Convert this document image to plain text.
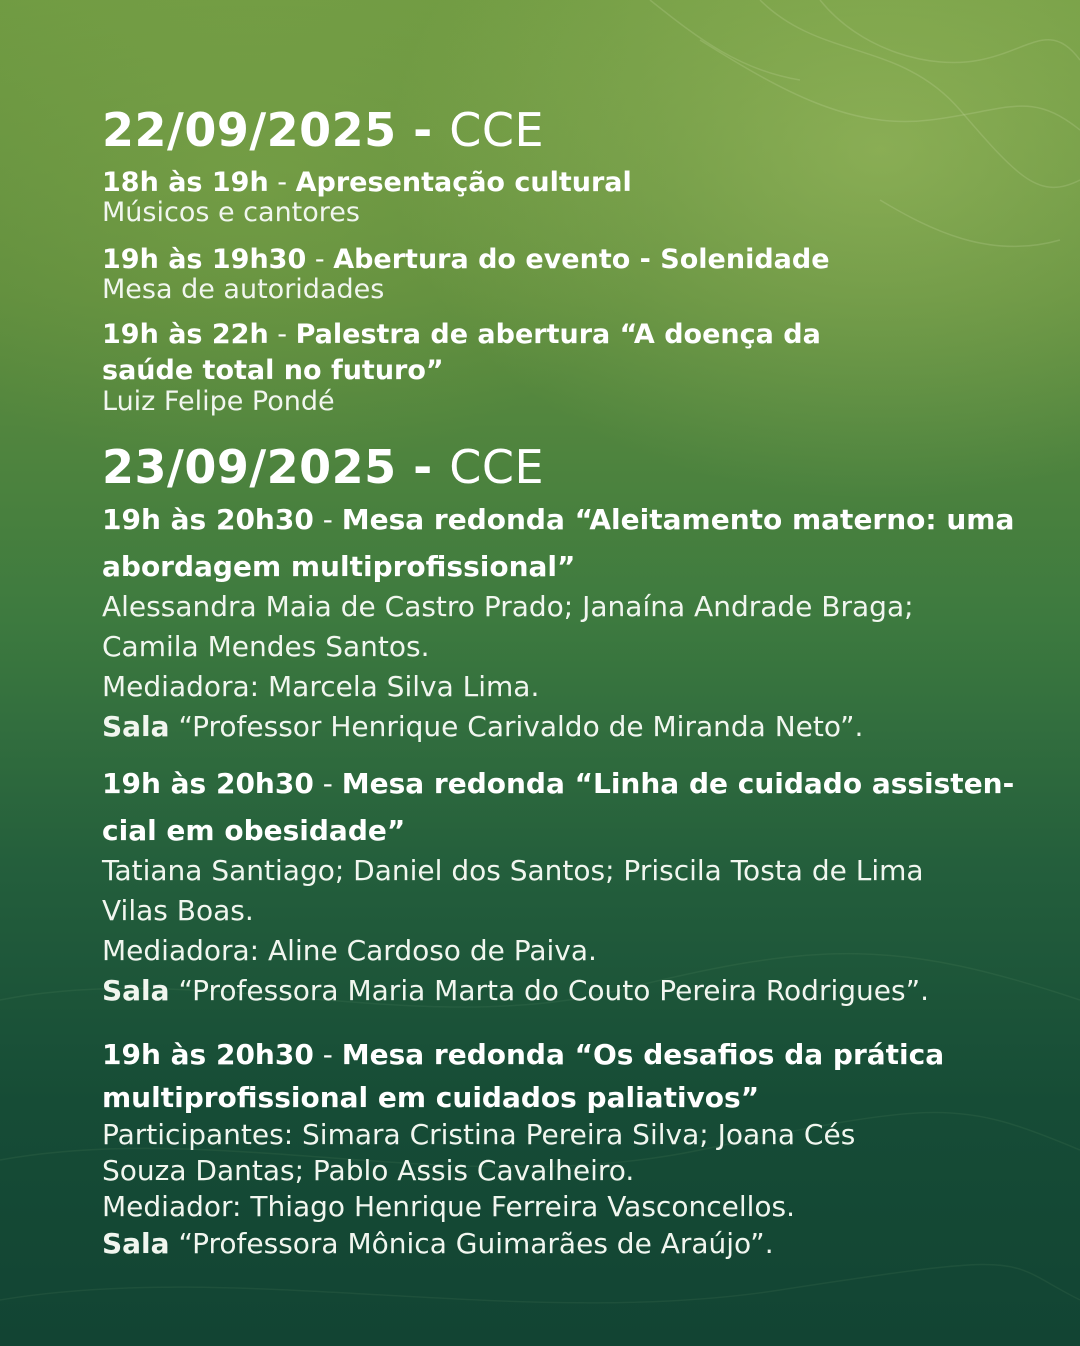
22/09/2025 - CCE
18h às 19h - Apresentação cultural
Músicos e cantores
19h às 19h30 - Abertura do evento - Solenidade
Mesa de autoridades
19h às 22h - Palestra de abertura “A doença da
saúde total no futuro”
Luiz Felipe Pondé
23/09/2025 - CCE
19h às 20h30 - Mesa redonda “Aleitamento materno: uma
abordagem multiprofissional”
Alessandra Maia de Castro Prado; Janaína Andrade Braga;
Camila Mendes Santos.
Mediadora: Marcela Silva Lima.
Sala “Professor Henrique Carivaldo de Miranda Neto”.
19h às 20h30 - Mesa redonda “Linha de cuidado assisten-
cial em obesidade”
Tatiana Santiago; Daniel dos Santos; Priscila Tosta de Lima
Vilas Boas.
Mediadora: Aline Cardoso de Paiva.
Sala “Professora Maria Marta do Couto Pereira Rodrigues”.
19h às 20h30 - Mesa redonda “Os desafios da prática
multiprofissional em cuidados paliativos”
Participantes: Simara Cristina Pereira Silva; Joana Cés
Souza Dantas; Pablo Assis Cavalheiro.
Mediador: Thiago Henrique Ferreira Vasconcellos.
Sala “Professora Mônica Guimarães de Araújo”.
